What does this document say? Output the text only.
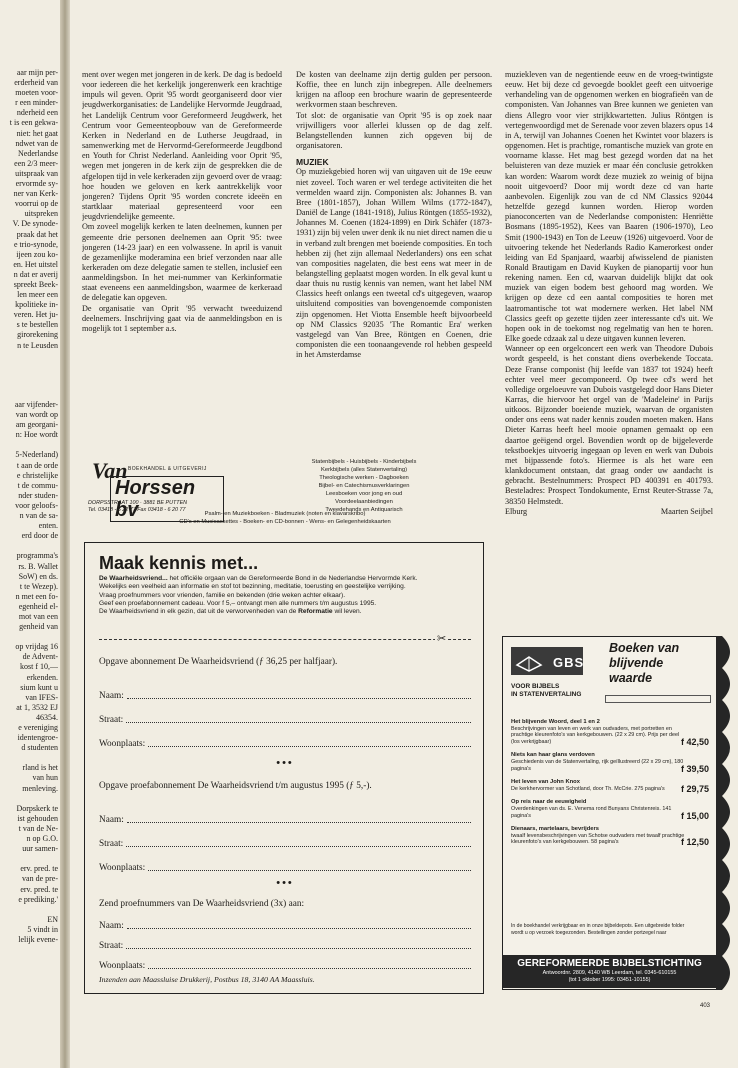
aar mijn per-
erderheid van
moeten voor-
r een minder-
nderheid een
t is een gekwa-
niet: het gaat
ndwet van de
Nederlandse
een 2/3 meer-
uitspraak van
ervormde sy-
ner van Kerk-
voorrui op de
uitspreken
V. De synode-
praak dat het
e trio-synode,
ijeen zou ko-
en. Het uitstel
n dat er averij
spreekt Beek-
len meer een
kpolitieke in-
veren. Het ju-
s te bestellen
girorekening
n te Leusden
aar vijfender-
van wordt op
am georgani-
n: Hoe wordt
5-Nederland)
t aan de orde
e christelijke
t de commu-
nder studen-
voor geloofs-
n van de sa-
enten.
erd door de
programma's
rs. B. Wallet
SoW) en ds.
t te Wezep).
n met een fo-
egenheid el-
mot van een
genheid van
op vrijdag 16
de Advent-
kost f 10,—
erkenden.
sium kunt u
van IFES-
at 1, 3532 EJ
46354.
e vereniging
identengroe-
d studenten
rland is het
van hun
menleving.
Dorpskerk te
ist gehouden
t van de Ne-
n op G.O.
uur samen-
erv. pred. te
van de pre-
erv. pred. te
e prediking.'
EN
5 vindt in
lelijk evene-

ment over wegen met jongeren in de kerk. De dag is bedoeld voor iedereen die het kerkelijk jongerenwerk een krachtige impuls wil geven. Oprit '95 wordt georganiseerd door vier jeugdwerkorganisaties: de Landelijke Hervormde Jeugdraad, het Landelijk Centrum voor Gereformeerd Jeugdwerk, het Centrum voor Gemeenteopbouw van de Gereformeerde Kerken in Nederland en de Lutherse Jeugdraad, in samenwerking met de Hervormd-Gereformeerde Jeugdbond en Youth for Christ Nederland. Aanleiding voor Oprit '95, wegen met jongeren in de kerk zijn de gesprekken die de afgelopen tijd in vele kerkeraden zijn gevoerd over de vraag: hoe houden we geloven en kerk aantrekkelijk voor jongeren? Tijdens Oprit '95 worden concrete ideeën en startklaar materiaal gepresenteerd voor een jeugdvriendelijke gemeente.

Om zoveel mogelijk kerken te laten deelnemen, kunnen per gemeente drie personen deelnemen aan Oprit '95: twee jongeren (14-23 jaar) en een volwassene. In april is vanuit de gezamenlijke moderamina een brief verzonden naar alle kerkeraden om deze delegatie samen te stellen, inclusief een aanmeldingsbon. In het mei-nummer van Kerkinformatie staat eveneens een aanmeldingsbon, waarmee de kerkeraad de delegatie kan opgeven.

De organisatie van Oprit '95 verwacht tweeduizend deelnemers. Inschrijving gaat via de aanmeldingsbon en is mogelijk tot 1 september a.s.

De kosten van deelname zijn dertig gulden per persoon. Koffie, thee en lunch zijn inbegrepen. Alle deelnemers krijgen na afloop een brochure waarin de gepresenteerde werkvormen staan beschreven.

Tot slot: de organisatie van Oprit '95 is op zoek naar vrijwilligers voor allerlei klussen op de dag zelf. Belangstellenden kunnen zich opgeven bij de organisatoren.

MUZIEK

Op muziekgebied horen wij van uitgaven uit de 19e eeuw niet zoveel. Toch waren er wel terdege activiteiten die het vermelden waard zijn. Componisten als: Johannes B. van Bree (1801-1857), Johan Willem Wilms (1772-1847), Daniël de Lange (1841-1918), Julius Röntgen (1855-1932), Johannes M. Coenen (1824-1899) en Dirk Schäfer (1873-1931) zijn bij velen uwer denk ik nu niet direct namen die u in verband zult brengen met boeiende composities. En toch hebben zij (het zijn allemaal Nederlanders) ons een schat van composities nagelaten, die best eens wat meer in de belangstelling geplaatst mogen worden. In elk geval kunt u daar thuis nu rustig kennis van nemen, want het label NM Classics heeft onlangs een tweetal cd's uitgegeven, waarop uitsluitend composities van bovengenoemde componisten zijn opgenomen. Het Viotta Ensemble heeft bijvoorbeeld op NM Classics 92035 'The Romantic Era' werken vastgelegd van Van Bree, Röntgen en Coenen, drie componisten die een toonaangevende rol hebben gespeeld in het Amsterdamse

muziekleven van de negentiende eeuw en de vroeg-twintigste eeuw. Het bij deze cd gevoegde booklet geeft een uitvoerige verhandeling van de opgenomen werken en biografieën van de componisten. Van Johannes van Bree kunnen we genieten van diens Allegro voor vier strijkkwartetten. Julius Röntgen is vertegenwoordigd met de Serenade voor zeven blazers opus 14 in A, terwijl van Johannes Coenen het Kwintet voor blazers is opgenomen. Het is prachtige, romantische muziek van grote en voorname klasse. Het mag best gezegd worden dat na het beluisteren van deze muziek er maar één conclusie getrokken kan worden: Waarom wordt deze muziek zo weinig of bijna nooit uitgevoerd? Door mij wordt deze cd van harte aanbevolen. Eigenlijk zou van de cd NM Classics 92044 hetzelfde gezegd kunnen worden. Hierop worden pianoconcerten van de Nederlandse componisten: Henriëtte Bosmans (1895-1952), Kees van Baaren (1906-1970), Leo Smit (1900-1943) en Ton de Leeuw (1926) uitgevoerd. Voor de uitvoering tekende het Nederlands Radio Kamerorkest onder leiding van Ed Spanjaard, waarbij afwisselend de pianisten Ronald Brautigam en David Kuyken de pianopartij voor hun rekening namen. Een cd, waarvan duidelijk blijkt dat ook muziek van eigen bodem best gehoord mag worden. We krijgen op deze cd een aantal composities te horen met laatromantische tot wat modernere werken. Het label NM Classics geeft op gezette tijden zeer interessante cd's uit. We hopen ook in de toekomst nog regelmatig van hen te horen. Elke goede cdzaak zal u deze uitgaven kunnen leveren.

Wanneer op een orgelconcert een werk van Theodore Dubois wordt gespeeld, is het constant diens overbekende Toccata. Deze Franse componist (hij leefde van 1837 tot 1924) heeft echter veel meer gecomponeerd. Op twee cd's werd het volledige orgeloeuvre van Dubois vastgelegd door Hans Dieter Karras, die hiervoor het orgel van de 'Madeleine' in Parijs uitkoos. Bijzonder boeiende muziek, waarvan de organisten onder ons eens wat nader kennis zouden moeten maken. Hans Dieter Karras heeft heel mooie opnamen gemaakt op een daartoe geëigend orgel. Bovendien wordt op de bijgeleverde tekstboekjes uitvoerig ingegaan op leven en werk van Dubois met bijpassende foto's. Hiermee is als het ware een klankdocument ontstaan, dat graag onder uw aandacht is gebracht. Bestelnummers: Prospect PD 400391 en 401793. Besteladres: Prospect Tondokumente, Ernst Reuter-Strasse 7a, 38350 Helmstedt.

Elburg	Maarten Seijbel
Van BOEKHANDEL & UITGEVERIJ
Horssen bv
DORPSSTRAAT 100 · 3881 BE PUTTEN
Tel. 03418 - 6 22 77 Fax 03418 - 6 20 77
Statenbijbels - Huisbijbels - Kinderbijbels
Kerkbijbels (alles Statenvertaling)
Theologische werken - Dagboeken
Bijbel- en Catechismusverklaringen
Leesboeken voor jong en oud
Voordeelaanbiedingen
Tweedehands en Antiquarisch
Psalm- en Muziekboeken - Bladmuziek (noten en klavarskribo)
CD's en Musicassettes - Boeken- en CD-bonnen - Wens- en Gelegenheidskaarten
Maak kennis met...
De Waarheidsvriend... het officiële orgaan van de Gereformeerde Bond in de Nederlandse Hervormde Kerk.
Wekelijks een veelheid aan informatie en stof tot bezinning, meditatie, toerusting en geestelijke verrijking.
Vraag proefnummers voor vrienden, familie en bekenden (drie weken achter elkaar).
Geef een proefabonnement cadeau. Voor f 5,– ontvangt men alle nummers t/m augustus 1995.
De Waarheidsvriend in elk gezin, dat uit de verworvenheden van de Reformatie wil leven.
✂
Opgave abonnement De Waarheidsvriend (ƒ 36,25 per halfjaar).
Naam:
Straat:
Woonplaats:
•••
Opgave proefabonnement De Waarheidsvriend t/m augustus 1995 (ƒ 5,-).
Naam:
Straat:
Woonplaats:
•••
Zend proefnummers van De Waarheidsvriend (3x) aan:
Naam:
Straat:
Woonplaats:
Inzenden aan Maassluise Drukkerij, Postbus 18, 3140 AA Maassluis.
GBS
Boeken van
blijvende
waarde
VOOR BIJBELS
IN STATENVERTALING
Het blijvende Woord, deel 1 en 2
Beschrijvingen van leven en werk van oudvaders, met portretten en prachtige kleurenfoto's van kerkgebouwen. (22 x 29 cm). Prijs per deel (los verkrijgbaar)	f 42,50
Niets kan haar glans verdoven
Geschiedenis van de Statenvertaling, rijk geïllustreerd (22 x 29 cm), 180 pagina's	f 39,50
Het leven van John Knox
De kerkhervormer van Schotland, door Th. McCrie. 275 pagina's f 29,75
Op reis naar de eeuwigheid
Overdenkingen van ds. E. Venema rond Bunyans Christenreis. 141 pagina's	f 15,00
Dienaars, martelaars, bevrijders
twaalf levensbeschrijvingen van Schotse oudvaders met twaalf prachtige kleurenfoto's van kerkgebouwen. 58 pagina's	f 12,50
In de boekhandel verkrijgbaar en in onze bijbeldepots. Een uitgebreide folder wordt u op verzoek toegezonden. Bestellingen zonder portzegel naar
GEREFORMEERDE BIJBELSTICHTING
Antwoordnr. 2809, 4140 WB Leerdam, tel. 0345-610155
(tot 1 oktober 1995: 03451-10155)
403
